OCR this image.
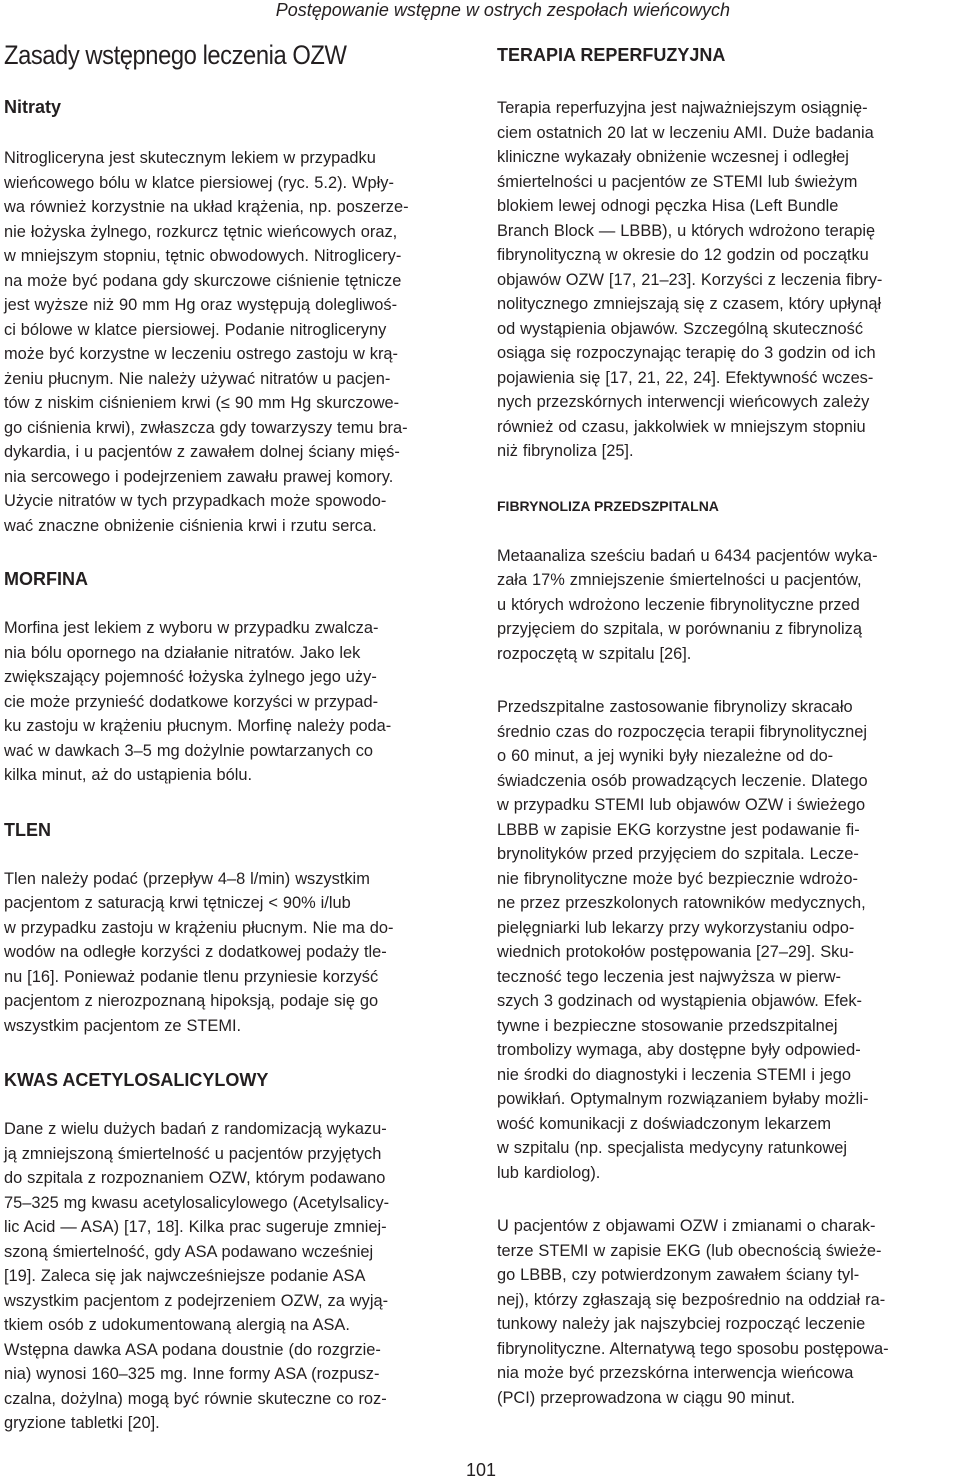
Postępowanie wstępne w ostrych zespołach wieńcowych
Zasady wstępnego leczenia OZW
Nitraty

Nitrogliceryna jest skutecznym lekiem w przypadku
wieńcowego bólu w klatce piersiowej (ryc. 5.2). Wpły-
wa również korzystnie na układ krążenia, np. poszerze-
nie łożyska żylnego, rozkurcz tętnic wieńcowych oraz,
w mniejszym stopniu, tętnic obwodowych. Nitroglicery-
na może być podana gdy skurczowe ciśnienie tętnicze
jest wyższe niż 90 mm Hg oraz występują dolegliwoś-
ci bólowe w klatce piersiowej. Podanie nitrogliceryny
może być korzystne w leczeniu ostrego zastoju w krą-
żeniu płucnym. Nie należy używać nitratów u pacjen-
tów z niskim ciśnieniem krwi (≤ 90 mm Hg skurczowe-
go ciśnienia krwi), zwłaszcza gdy towarzyszy temu bra-
dykardia, i u pacjentów z zawałem dolnej ściany mięś-
nia sercowego i podejrzeniem zawału prawej komory.
Użycie nitratów w tych przypadkach może spowodo-
wać znaczne obniżenie ciśnienia krwi i rzutu serca.

MORFINA

Morfina jest lekiem z wyboru w przypadku zwalcza-
nia bólu opornego na działanie nitratów. Jako lek
zwiększający pojemność łożyska żylnego jego uży-
cie może przynieść dodatkowe korzyści w przypad-
ku zastoju w krążeniu płucnym. Morfinę należy poda-
wać w dawkach 3–5 mg dożylnie powtarzanych co
kilka minut, aż do ustąpienia bólu.

TLEN

Tlen należy podać (przepływ 4–8 l/min) wszystkim
pacjentom z saturacją krwi tętniczej < 90% i/lub
w przypadku zastoju w krążeniu płucnym. Nie ma do-
wodów na odległe korzyści z dodatkowej podaży tle-
nu [16]. Ponieważ podanie tlenu przyniesie korzyść
pacjentom z nierozpoznaną hipoksją, podaje się go
wszystkim pacjentom ze STEMI.

KWAS ACETYLOSALICYLOWY

Dane z wielu dużych badań z randomizacją wykazu-
ją zmniejszoną śmiertelność u pacjentów przyjętych
do szpitala z rozpoznaniem OZW, którym podawano
75–325 mg kwasu acetylosalicylowego (Acetylsalicy-
lic Acid — ASA) [17, 18]. Kilka prac sugeruje zmniej-
szoną śmiertelność, gdy ASA podawano wcześniej
[19]. Zaleca się jak najwcześniejsze podanie ASA
wszystkim pacjentom z podejrzeniem OZW, za wyją-
tkiem osób z udokumentowaną alergią na ASA.
Wstępna dawka ASA podana doustnie (do rozgrzie-
nia) wynosi 160–325 mg. Inne formy ASA (rozpusz-
czalna, dożylna) mogą być równie skuteczne co roz-
gryzione tabletki [20].

TERAPIA REPERFUZYJNA

Terapia reperfuzyjna jest najważniejszym osiągnię-
ciem ostatnich 20 lat w leczeniu AMI. Duże badania
kliniczne wykazały obniżenie wczesnej i odległej
śmiertelności u pacjentów ze STEMI lub świeżym
blokiem lewej odnogi pęczka Hisa (Left Bundle
Branch Block — LBBB), u których wdrożono terapię
fibrynolityczną w okresie do 12 godzin od początku
objawów OZW [17, 21–23]. Korzyści z leczenia fibry-
nolitycznego zmniejszają się z czasem, który upłynął
od wystąpienia objawów. Szczególną skuteczność
osiąga się rozpoczynając terapię do 3 godzin od ich
pojawienia się [17, 21, 22, 24]. Efektywność wczes-
nych przezskórnych interwencji wieńcowych zależy
również od czasu, jakkolwiek w mniejszym stopniu
niż fibrynoliza [25].

FIBRYNOLIZA PRZEDSZPITALNA

Metaanaliza sześciu badań u 6434 pacjentów wyka-
zała 17% zmniejszenie śmiertelności u pacjentów,
u których wdrożono leczenie fibrynolityczne przed
przyjęciem do szpitala, w porównaniu z fibrynolizą
rozpoczętą w szpitalu [26].

Przedszpitalne zastosowanie fibrynolizy skracało
średnio czas do rozpoczęcia terapii fibrynolitycznej
o 60 minut, a jej wyniki były niezależne od do-
świadczenia osób prowadzących leczenie. Dlatego
w przypadku STEMI lub objawów OZW i świeżego
LBBB w zapisie EKG korzystne jest podawanie fi-
brynolityków przed przyjęciem do szpitala. Lecze-
nie fibrynolityczne może być bezpiecznie wdrożo-
ne przez przeszkolonych ratowników medycznych,
pielęgniarki lub lekarzy przy wykorzystaniu odpo-
wiednich protokołów postępowania [27–29]. Sku-
teczność tego leczenia jest najwyższa w pierw-
szych 3 godzinach od wystąpienia objawów. Efek-
tywne i bezpieczne stosowanie przedszpitalnej
trombolizy wymaga, aby dostępne były odpowied-
nie środki do diagnostyki i leczenia STEMI i jego
powikłań. Optymalnym rozwiązaniem byłaby możli-
wość komunikacji z doświadczonym lekarzem
w szpitalu (np. specjalista medycyny ratunkowej
lub kardiolog).

U pacjentów z objawami OZW i zmianami o charak-
terze STEMI w zapisie EKG (lub obecnością świeże-
go LBBB, czy potwierdzonym zawałem ściany tyl-
nej), którzy zgłaszają się bezpośrednio na oddział ra-
tunkowy należy jak najszybciej rozpocząć leczenie
fibrynolityczne. Alternatywą tego sposobu postępowa-
nia może być przezskórna interwencja wieńcowa
(PCI) przeprowadzona w ciągu 90 minut.

101
